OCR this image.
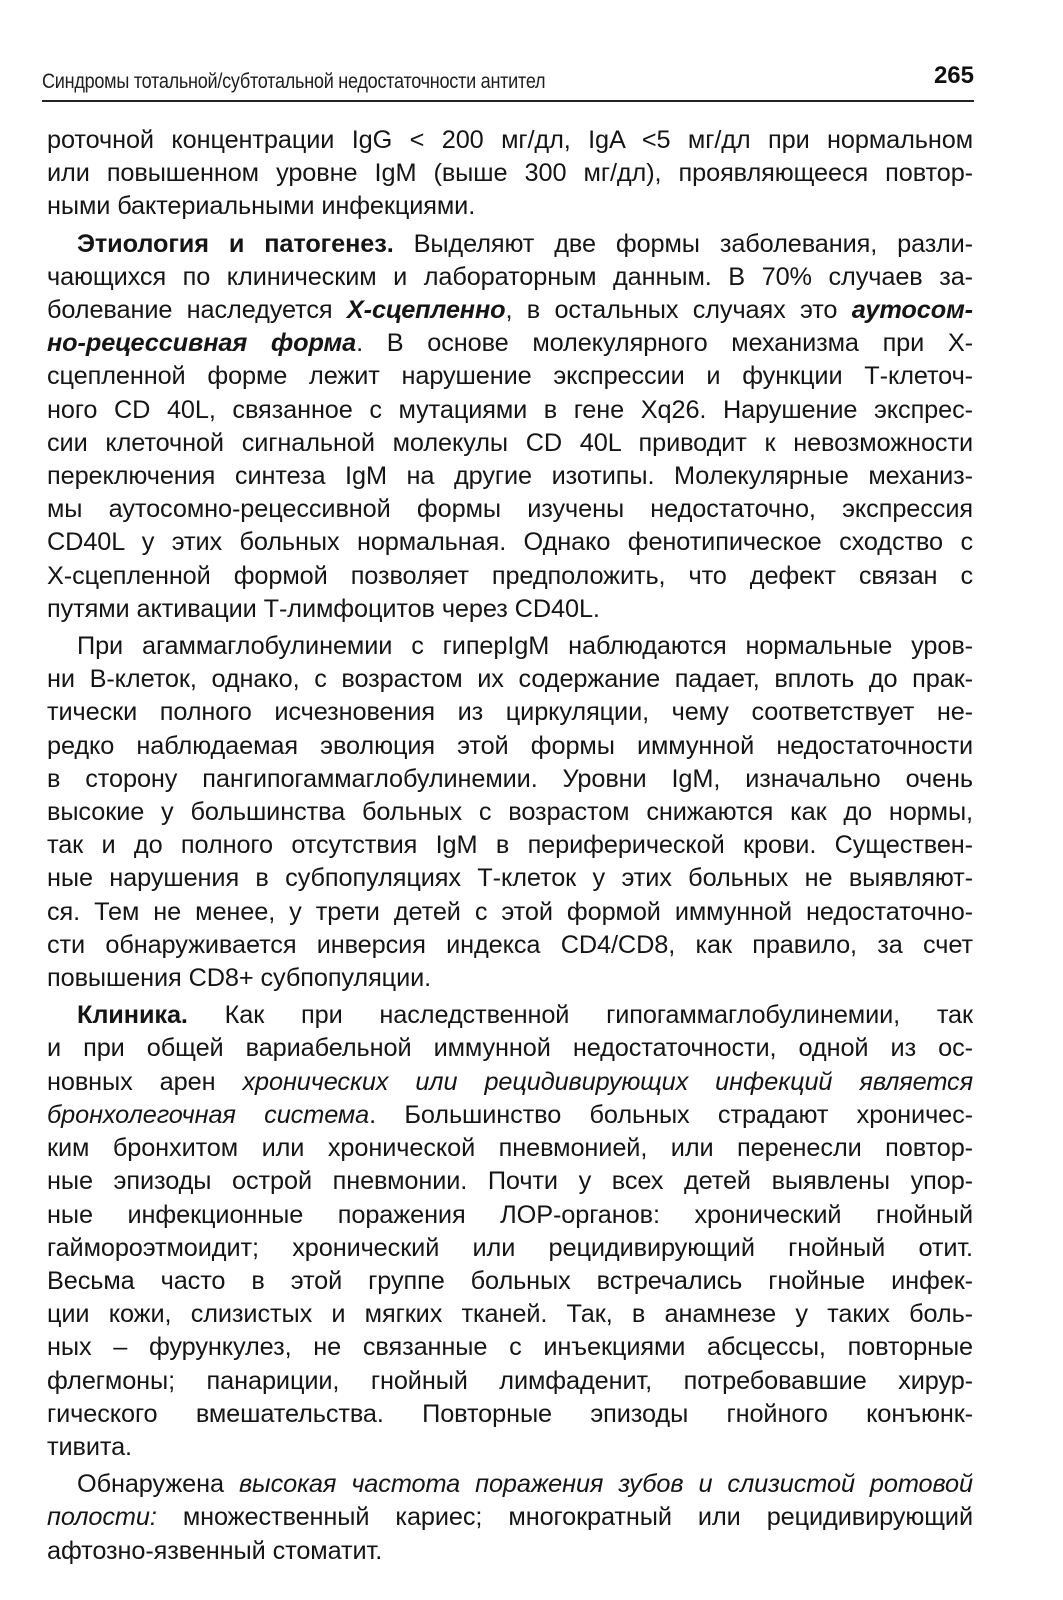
Синдромы тотальной/субтотальной недостаточности антител	265

роточной концентрации IgG < 200 мг/дл, IgA <5 мг/дл при нормальном
или повышенном уровне IgM (выше 300 мг/дл), проявляющееся повтор-
ными бактериальными инфекциями.

Этиология и патогенез. Выделяют две формы заболевания, разли-
чающихся по клиническим и лабораторным данным. В 70% случаев за-
болевание наследуется Х-сцепленно, в остальных случаях это аутосом-
но-рецессивная форма. В основе молекулярного механизма при Х-
сцепленной форме лежит нарушение экспрессии и функции Т-клеточ-
ного CD 40L, связанное с мутациями в гене Xq26. Нарушение экспрес-
сии клеточной сигнальной молекулы CD 40L приводит к невозможности
переключения синтеза IgM на другие изотипы. Молекулярные механиз-
мы аутосомно-рецессивной формы изучены недостаточно, экспрессия
CD40L у этих больных нормальная. Однако фенотипическое сходство с
Х-сцепленной формой позволяет предположить, что дефект связан с
путями активации Т-лимфоцитов через CD40L.

При агаммаглобулинемии с гиперIgM наблюдаются нормальные уров-
ни В-клеток, однако, с возрастом их содержание падает, вплоть до прак-
тически полного исчезновения из циркуляции, чему соответствует не-
редко наблюдаемая эволюция этой формы иммунной недостаточности
в сторону пангипогаммаглобулинемии. Уровни IgM, изначально очень
высокие у большинства больных с возрастом снижаются как до нормы,
так и до полного отсутствия IgM в периферической крови. Существен-
ные нарушения в субпопуляциях Т-клеток у этих больных не выявляют-
ся. Тем не менее, у трети детей с этой формой иммунной недостаточно-
сти обнаруживается инверсия индекса CD4/CD8, как правило, за счет
повышения CD8+ субпопуляции.

Клиника. Как при наследственной гипогаммаглобулинемии, так
и при общей вариабельной иммунной недостаточности, одной из ос-
новных арен хронических или рецидивирующих инфекций является
бронхолегочная система. Большинство больных страдают хроничес-
ким бронхитом или хронической пневмонией, или перенесли повтор-
ные эпизоды острой пневмонии. Почти у всех детей выявлены упор-
ные инфекционные поражения ЛОР-органов: хронический гнойный
гаймороэтмоидит; хронический или рецидивирующий гнойный отит.
Весьма часто в этой группе больных встречались гнойные инфек-
ции кожи, слизистых и мягких тканей. Так, в анамнезе у таких боль-
ных – фурункулез, не связанные с инъекциями абсцессы, повторные
флегмоны; панариции, гнойный лимфаденит, потребовавшие хирур-
гического вмешательства. Повторные эпизоды гнойного конъюнк-
тивита.

Обнаружена высокая частота поражения зубов и слизистой ротовой
полости: множественный кариес; многократный или рецидивирующий
афтозно-язвенный стоматит.
